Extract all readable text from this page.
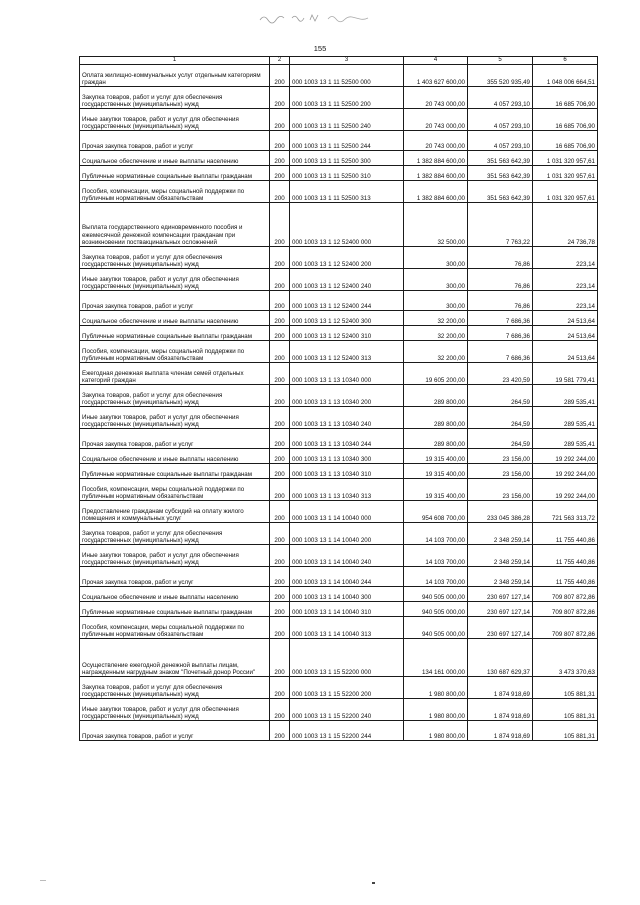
155
1	2	3	4	5	6
Оплата жилищно-коммунальных услуг отдельным категориям граждан	200	000 1003 13 1 11 52500 000	1 403 627 600,00	355 520 935,49	1 048 006 664,51
Закупка товаров, работ и услуг для обеспечения государственных (муниципальных) нужд	200	000 1003 13 1 11 52500 200	20 743 000,00	4 057 293,10	16 685 706,90
Иные закупки товаров, работ и услуг для обеспечения государственных (муниципальных) нужд	200	000 1003 13 1 11 52500 240	20 743 000,00	4 057 293,10	16 685 706,90
Прочая закупка товаров, работ и услуг	200	000 1003 13 1 11 52500 244	20 743 000,00	4 057 293,10	16 685 706,90
Социальное обеспечение и иные выплаты населению	200	000 1003 13 1 11 52500 300	1 382 884 600,00	351 563 642,39	1 031 320 957,61
Публичные нормативные социальные выплаты гражданам	200	000 1003 13 1 11 52500 310	1 382 884 600,00	351 563 642,39	1 031 320 957,61
Пособия, компенсации, меры социальной поддержки по публичным нормативным обязательствам	200	000 1003 13 1 11 52500 313	1 382 884 600,00	351 563 642,39	1 031 320 957,61
Выплата государственного единовременного пособия и ежемесячной денежной компенсации гражданам при возникновении поствакцинальных осложнений	200	000 1003 13 1 12 52400 000	32 500,00	7 763,22	24 736,78
Закупка товаров, работ и услуг для обеспечения государственных (муниципальных) нужд	200	000 1003 13 1 12 52400 200	300,00	76,86	223,14
Иные закупки товаров, работ и услуг для обеспечения государственных (муниципальных) нужд	200	000 1003 13 1 12 52400 240	300,00	76,86	223,14
Прочая закупка товаров, работ и услуг	200	000 1003 13 1 12 52400 244	300,00	76,86	223,14
Социальное обеспечение и иные выплаты населению	200	000 1003 13 1 12 52400 300	32 200,00	7 686,36	24 513,64
Публичные нормативные социальные выплаты гражданам	200	000 1003 13 1 12 52400 310	32 200,00	7 686,36	24 513,64
Пособия, компенсации, меры социальной поддержки по публичным нормативным обязательствам	200	000 1003 13 1 12 52400 313	32 200,00	7 686,36	24 513,64
Ежегодная денежная выплата членам семей отдельных категорий граждан	200	000 1003 13 1 13 10340 000	19 605 200,00	23 420,59	19 581 779,41
Закупка товаров, работ и услуг для обеспечения государственных (муниципальных) нужд	200	000 1003 13 1 13 10340 200	289 800,00	264,59	289 535,41
Иные закупки товаров, работ и услуг для обеспечения государственных (муниципальных) нужд	200	000 1003 13 1 13 10340 240	289 800,00	264,59	289 535,41
Прочая закупка товаров, работ и услуг	200	000 1003 13 1 13 10340 244	289 800,00	264,59	289 535,41
Социальное обеспечение и иные выплаты населению	200	000 1003 13 1 13 10340 300	19 315 400,00	23 156,00	19 292 244,00
Публичные нормативные социальные выплаты гражданам	200	000 1003 13 1 13 10340 310	19 315 400,00	23 156,00	19 292 244,00
Пособия, компенсации, меры социальной поддержки по публичным нормативным обязательствам	200	000 1003 13 1 13 10340 313	19 315 400,00	23 156,00	19 292 244,00
Предоставление гражданам субсидий на оплату жилого помещения и коммунальных услуг	200	000 1003 13 1 14 10040 000	954 608 700,00	233 045 386,28	721 563 313,72
Закупка товаров, работ и услуг для обеспечения государственных (муниципальных) нужд	200	000 1003 13 1 14 10040 200	14 103 700,00	2 348 259,14	11 755 440,86
Иные закупки товаров, работ и услуг для обеспечения государственных (муниципальных) нужд	200	000 1003 13 1 14 10040 240	14 103 700,00	2 348 259,14	11 755 440,86
Прочая закупка товаров, работ и услуг	200	000 1003 13 1 14 10040 244	14 103 700,00	2 348 259,14	11 755 440,86
Социальное обеспечение и иные выплаты населению	200	000 1003 13 1 14 10040 300	940 505 000,00	230 697 127,14	709 807 872,86
Публичные нормативные социальные выплаты гражданам	200	000 1003 13 1 14 10040 310	940 505 000,00	230 697 127,14	709 807 872,86
Пособия, компенсации, меры социальной поддержки по публичным нормативным обязательствам	200	000 1003 13 1 14 10040 313	940 505 000,00	230 697 127,14	709 807 872,86
Осуществление ежегодной денежной выплаты лицам, награжденным нагрудным знаком "Почетный донор России"	200	000 1003 13 1 15 52200 000	134 161 000,00	130 687 629,37	3 473 370,63
Закупка товаров, работ и услуг для обеспечения государственных (муниципальных) нужд	200	000 1003 13 1 15 52200 200	1 980 800,00	1 874 918,69	105 881,31
Иные закупки товаров, работ и услуг для обеспечения государственных (муниципальных) нужд	200	000 1003 13 1 15 52200 240	1 980 800,00	1 874 918,69	105 881,31
Прочая закупка товаров, работ и услуг	200	000 1003 13 1 15 52200 244	1 980 800,00	1 874 918,69	105 881,31
